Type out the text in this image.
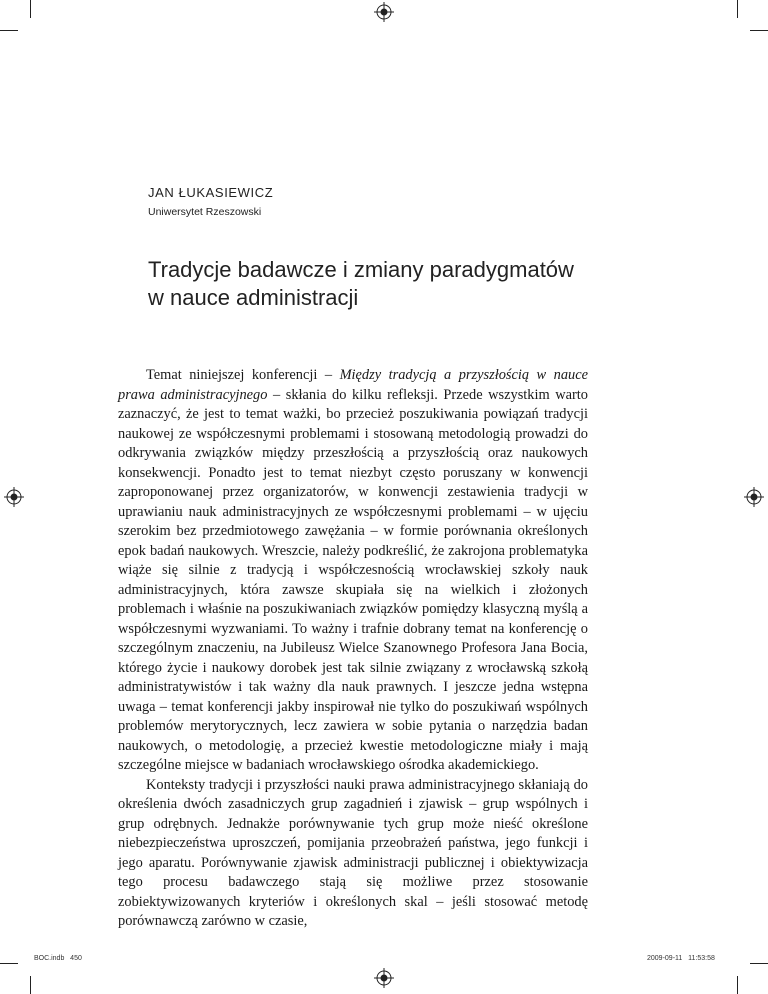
JAN ŁUKASIEWICZ
Uniwersytet Rzeszowski
Tradycje badawcze i zmiany paradygmatów
w nauce administracji

Temat niniejszej konferencji – Między tradycją a przyszłością w nauce prawa administracyjnego – skłania do kilku refleksji. Przede wszystkim warto zaznaczyć, że jest to temat ważki, bo przecież poszukiwania powiązań tradycji naukowej ze współczesnymi problemami i stosowaną metodologią prowadzi do odkrywania związków między przeszłością a przyszłością oraz naukowych konsekwencji. Ponadto jest to temat niezbyt często poruszany w konwencji zaproponowanej przez organizatorów, w konwencji zestawienia tradycji w uprawianiu nauk administracyjnych ze współczesnymi problemami – w ujęciu szerokim bez przedmiotowego zawężania – w formie porównania określonych epok badań naukowych. Wreszcie, należy podkreślić, że zakrojona problematyka wiąże się silnie z tradycją i współczesnością wrocławskiej szkoły nauk administracyjnych, która zawsze skupiała się na wielkich i złożonych problemach i właśnie na poszukiwaniach związków pomiędzy klasyczną myślą a współczesnymi wyzwaniami. To ważny i trafnie dobrany temat na konferencję o szczególnym znaczeniu, na Jubileusz Wielce Szanownego Profesora Jana Bocia, którego życie i naukowy dorobek jest tak silnie związany z wrocławską szkołą administratywistów i tak ważny dla nauk prawnych. I jeszcze jedna wstępna uwaga – temat konferencji jakby inspirował nie tylko do poszukiwań wspólnych problemów merytorycznych, lecz zawiera w sobie pytania o narzędzia badan naukowych, o metodologię, a przecież kwestie metodologiczne miały i mają szczególne miejsce w badaniach wrocławskiego ośrodka akademickiego.

Konteksty tradycji i przyszłości nauki prawa administracyjnego skłaniają do określenia dwóch zasadniczych grup zagadnień i zjawisk – grup wspólnych i grup odrębnych. Jednakże porównywanie tych grup może nieść określone niebezpieczeństwa uproszczeń, pomijania przeobrażeń państwa, jego funkcji i jego aparatu. Porównywanie zjawisk administracji publicznej i obiektywizacja tego procesu badawczego stają się możliwe przez stosowanie zobiektywizowanych kryteriów i określonych skal – jeśli stosować metodę porównawczą zarówno w czasie,

BOC.indb   450	2009-09-11   11:53:58
